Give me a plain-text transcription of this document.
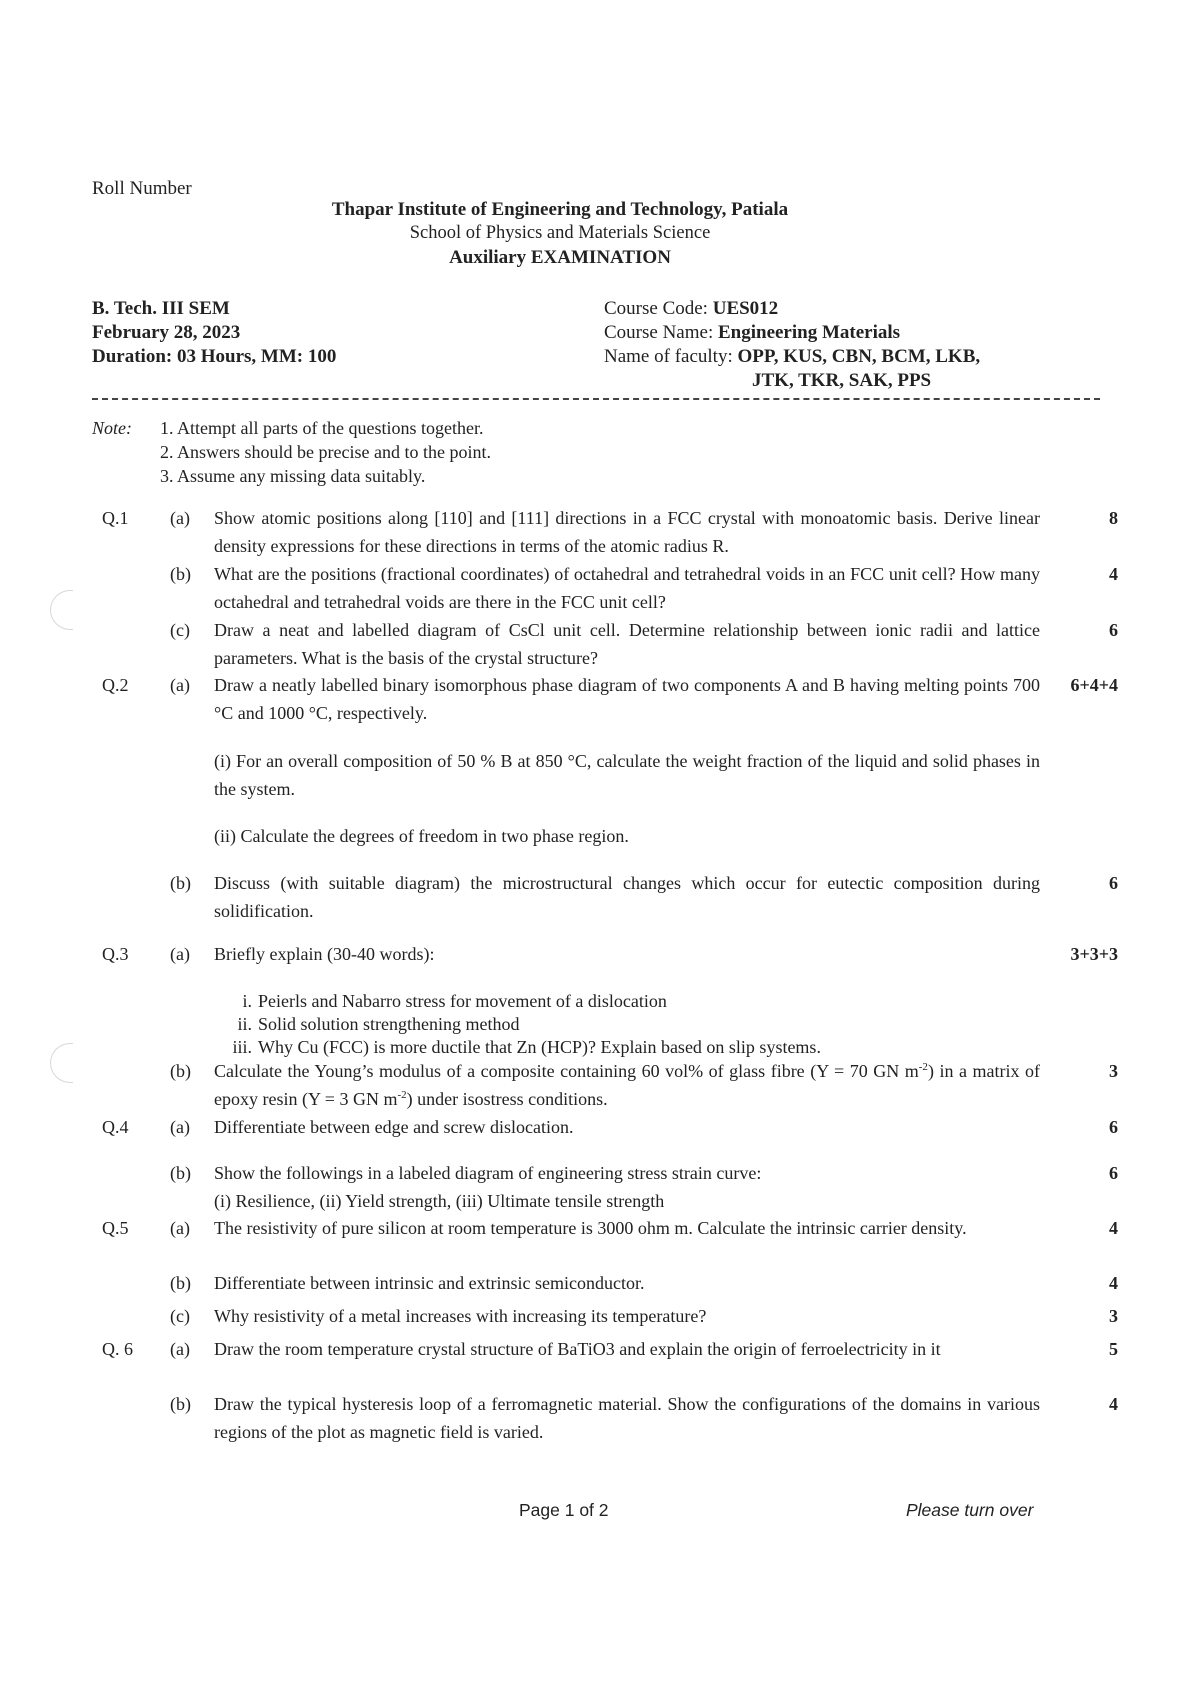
Roll Number
Thapar Institute of Engineering and Technology, Patiala
School of Physics and Materials Science
Auxiliary EXAMINATION
B. Tech. III SEM
February 28, 2023
Duration: 03 Hours, MM: 100
Course Code: UES012
Course Name: Engineering Materials
Name of faculty: OPP, KUS, CBN, BCM, LKB,
JTK, TKR, SAK, PPS
Note: 1. Attempt all parts of the questions together.
2. Answers should be precise and to the point.
3. Assume any missing data suitably.
Q.1 (a) Show atomic positions along [110] and [111] directions in a FCC crystal with monoatomic basis. Derive linear density expressions for these directions in terms of the atomic radius R.
8
(b) What are the positions (fractional coordinates) of octahedral and tetrahedral voids in an FCC unit cell? How many octahedral and tetrahedral voids are there in the FCC unit cell?
4
(c) Draw a neat and labelled diagram of CsCl unit cell. Determine relationship between ionic radii and lattice parameters. What is the basis of the crystal structure?
6
Q.2 (a) Draw a neatly labelled binary isomorphous phase diagram of two components A and B having melting points 700 °C and 1000 °C, respectively.
6+4+4
(i) For an overall composition of 50 % B at 850 °C, calculate the weight fraction of the liquid and solid phases in the system.
(ii) Calculate the degrees of freedom in two phase region.
(b) Discuss (with suitable diagram) the microstructural changes which occur for eutectic composition during solidification.
6
Q.3 (a) Briefly explain (30-40 words):	3+3+3
i. Peierls and Nabarro stress for movement of a dislocation
ii. Solid solution strengthening method
iii. Why Cu (FCC) is more ductile that Zn (HCP)? Explain based on slip systems.
(b) Calculate the Young’s modulus of a composite containing 60 vol% of glass fibre (Y = 70 GN $m^{-2}$) in a matrix of epoxy resin (Y = 3 GN $m^{-2}$) under isostress conditions.
3
Q.4 (a) Differentiate between edge and screw dislocation.	6
(b) Show the followings in a labeled diagram of engineering stress strain curve:
(i) Resilience, (ii) Yield strength, (iii) Ultimate tensile strength
6
Q.5 (a) The resistivity of pure silicon at room temperature is 3000 ohm m. Calculate the intrinsic carrier density.	4
(b) Differentiate between intrinsic and extrinsic semiconductor.	4
(c) Why resistivity of a metal increases with increasing its temperature?	3
Q. 6 (a) Draw the room temperature crystal structure of BaTiO3 and explain the origin of ferroelectricity in it	5
(b) Draw the typical hysteresis loop of a ferromagnetic material. Show the configurations of the domains in various regions of the plot as magnetic field is varied.
4
Page 1 of 2	Please turn over
